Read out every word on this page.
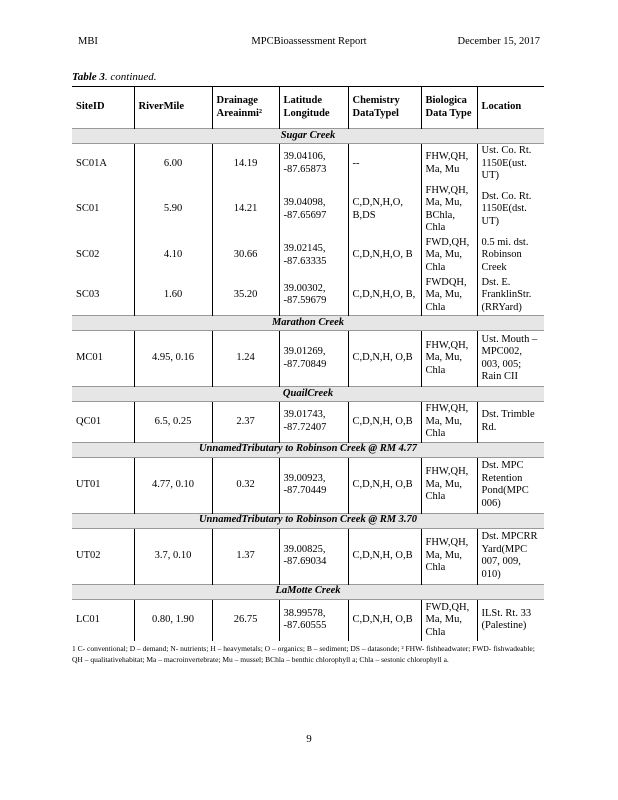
MBI	MPCBioassessment Report	December 15, 2017
Table 3. continued.
SiteID	RiverMile	Drainage Areainmi²	Latitude Longitude	Chemistry DataTypel	Biologica Data Type	Location
Sugar Creek						
SC01A	6.00	14.19	39.04106, -87.65873	--	FHW,QH, Ma, Mu	Ust. Co. Rt. 1150E(ust. UT)
SC01	5.90	14.21	39.04098, -87.65697	C,D,N,H,O, B,DS	FHW,QH, Ma, Mu, BChla, Chla	Dst. Co. Rt. 1150E(dst. UT)
SC02	4.10	30.66	39.02145, -87.63335	C,D,N,H,O, B	FWD,QH, Ma, Mu, Chla	0.5 mi. dst. Robinson Creek
SC03	1.60	35.20	39.00302, -87.59679	C,D,N,H,O, B,	FWDQH, Ma, Mu, Chla	Dst. E. FranklinStr. (RRYard)
Marathon Creek						
MC01	4.95, 0.16	1.24	39.01269, -87.70849	C,D,N,H, O,B	FHW,QH, Ma, Mu, Chla	Ust. Mouth – MPC002, 003, 005; Rain CII
QuailCreek						
QC01	6.5, 0.25	2.37	39.01743, -87.72407	C,D,N,H, O,B	FHW,QH, Ma, Mu, Chla	Dst. Trimble Rd.
UnnamedTributary to Robinson Creek @ RM 4.77						
UT01	4.77, 0.10	0.32	39.00923, -87.70449	C,D,N,H, O,B	FHW,QH, Ma, Mu, Chla	Dst. MPC Retention Pond(MPC 006)
UnnamedTributary to Robinson Creek @ RM 3.70						
UT02	3.7, 0.10	1.37	39.00825, -87.69034	C,D,N,H, O,B	FHW,QH, Ma, Mu, Chla	Dst. MPCRR Yard(MPC 007, 009, 010)
LaMotte Creek						
LC01	0.80, 1.90	26.75	38.99578, -87.60555	C,D,N,H, O,B	FWD,QH, Ma, Mu, Chla	ILSt. Rt. 33 (Palestine)
1 C- conventional; D – demand; N- nutrients; H – heavymetals; O – organics; B – sediment; DS – datasonde; ² FHW- fishheadwater; FWD- fishwadeable; QH – qualitativehabitat; Ma – macroinvertebrate; Mu – mussel; BChla – benthic chlorophyll a; Chla – sestonic chlorophyll a.
9
